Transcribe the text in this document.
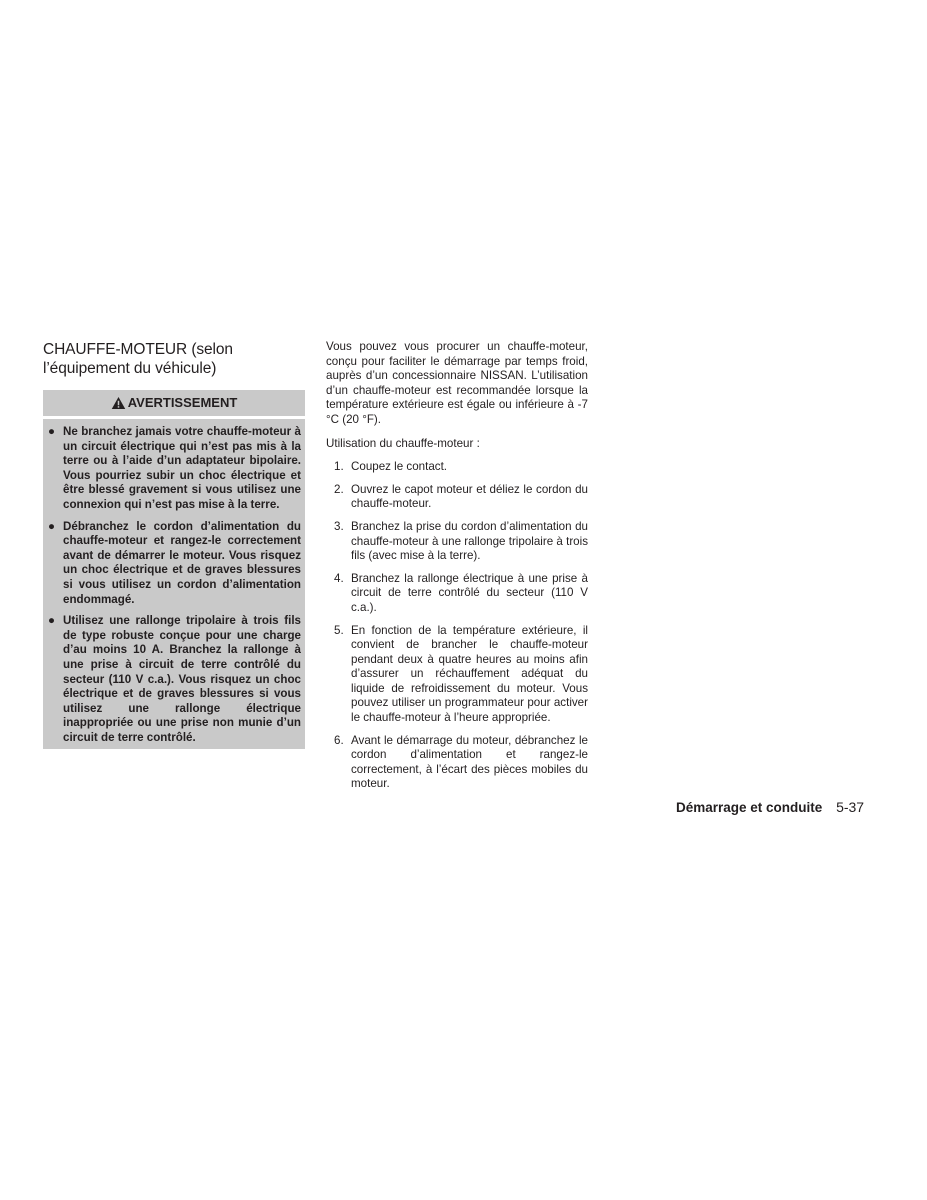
CHAUFFE-MOTEUR (selon
l’équipement du véhicule)
AVERTISSEMENT
● Ne branchez jamais votre chauffe-moteur à un circuit électrique qui n’est pas mis à la terre ou à l’aide d’un adaptateur bipolaire. Vous pourriez subir un choc électrique et être blessé gravement si vous utilisez une connexion qui n’est pas mise à la terre.
● Débranchez le cordon d’alimentation du chauffe-moteur et rangez-le correctement avant de démarrer le moteur. Vous risquez un choc électrique et de graves blessures si vous utilisez un cordon d’alimentation endommagé.
● Utilisez une rallonge tripolaire à trois fils de type robuste conçue pour une charge d’au moins 10 A. Branchez la rallonge à une prise à circuit de terre contrôlé du secteur (110 V c.a.). Vous risquez un choc électrique et de graves blessures si vous utilisez une rallonge électrique inappropriée ou une prise non munie d’un circuit de terre contrôlé.

Vous pouvez vous procurer un chauffe-moteur, conçu pour faciliter le démarrage par temps froid, auprès d’un concessionnaire NISSAN. L’utilisation d’un chauffe-moteur est recommandée lorsque la température extérieure est égale ou inférieure à -7 °C (20 °F).

Utilisation du chauffe-moteur :

1. Coupez le contact.
2. Ouvrez le capot moteur et déliez le cordon du chauffe-moteur.
3. Branchez la prise du cordon d’alimentation du chauffe-moteur à une rallonge tripolaire à trois fils (avec mise à la terre).
4. Branchez la rallonge électrique à une prise à circuit de terre contrôlé du secteur (110 V c.a.).
5. En fonction de la température extérieure, il convient de brancher le chauffe-moteur pendant deux à quatre heures au moins afin d’assurer un réchauffement adéquat du liquide de refroidissement du moteur. Vous pouvez utiliser un programmateur pour activer le chauffe-moteur à l’heure appropriée.
6. Avant le démarrage du moteur, débranchez le cordon d’alimentation et rangez-le correctement, à l’écart des pièces mobiles du moteur.
Démarrage et conduite 5-37
